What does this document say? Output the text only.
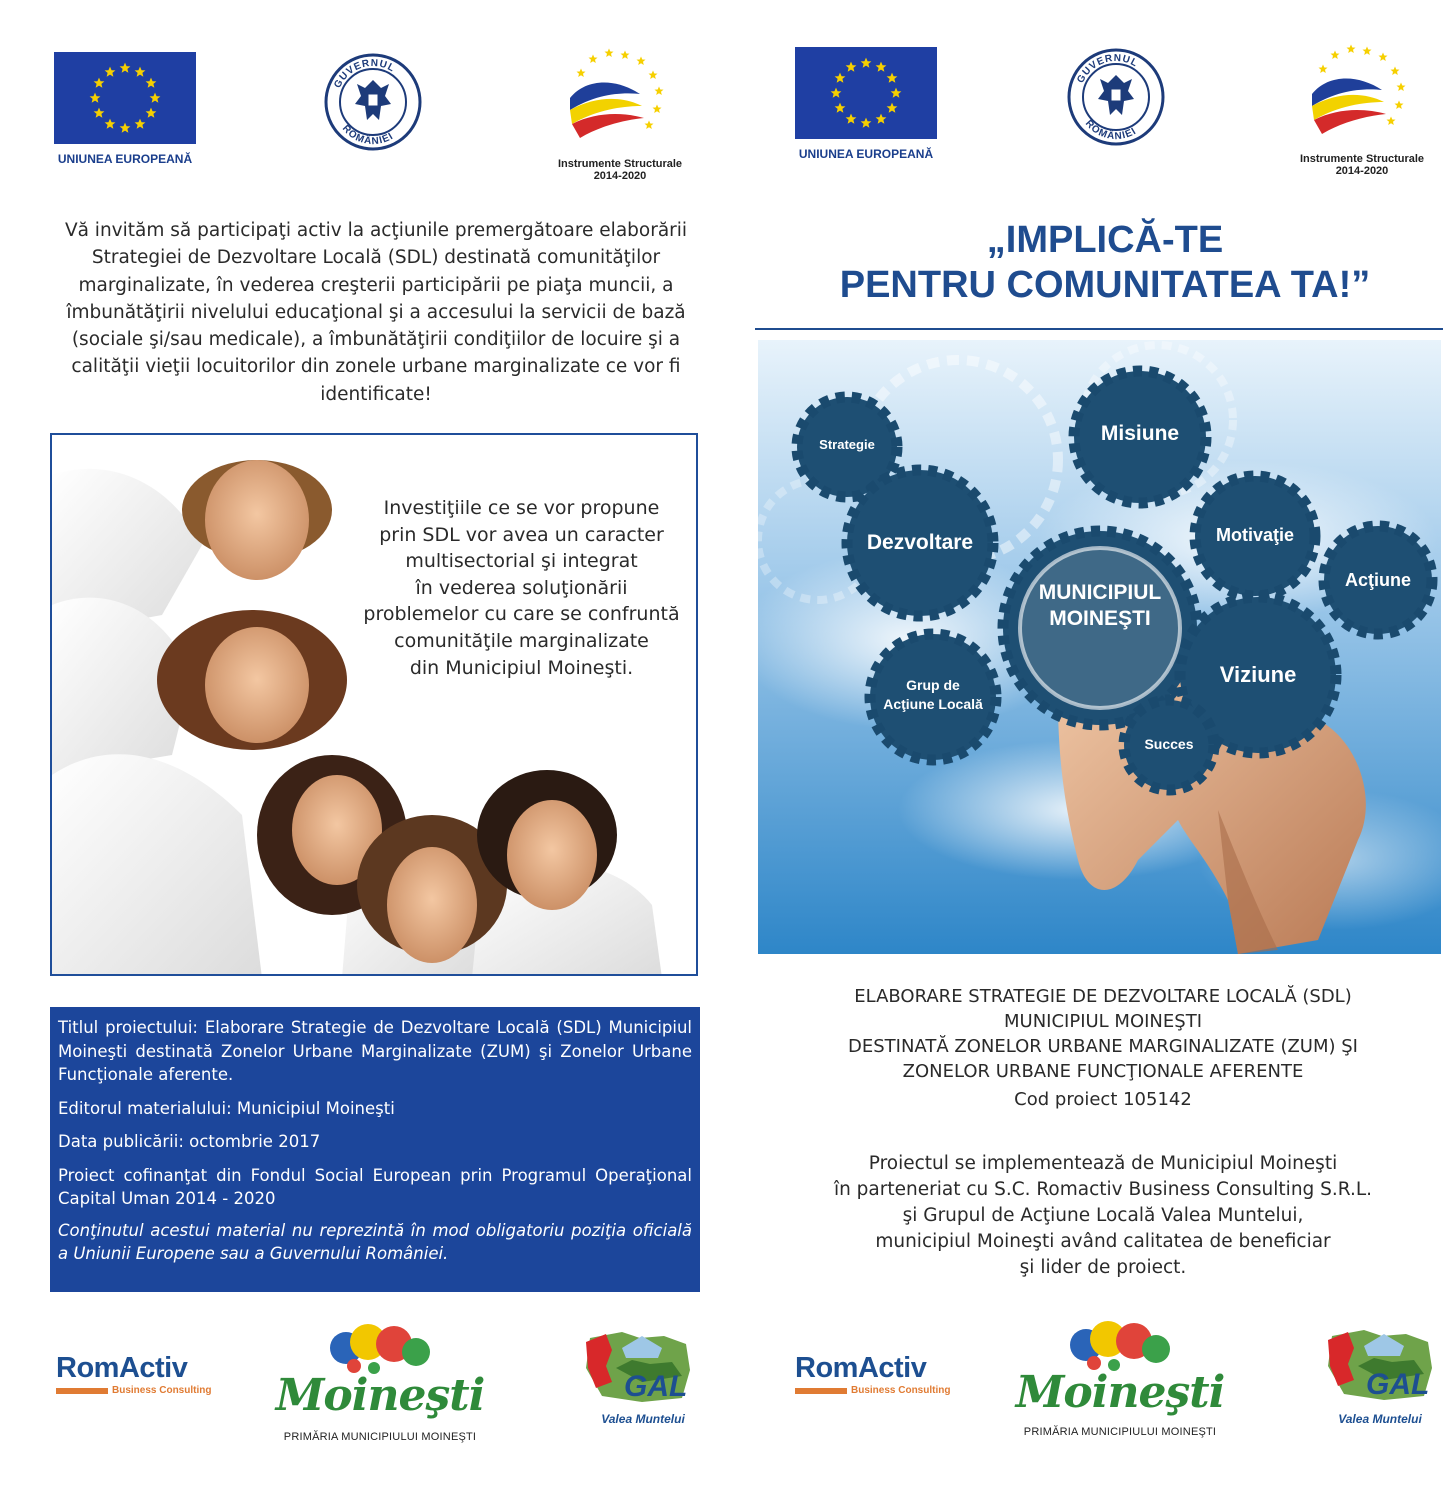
UNIUNEA EUROPEANĂ
GUVERNUL
ROMÂNIEI
Instrumente Structurale
2014-2020
Vă invităm să participaţi activ la acţiunile premergătoare elaborării Strategiei de Dezvoltare Locală (SDL) destinată comunităţilor marginalizate, în vederea creşterii participării pe piaţa muncii, a îmbunătăţirii nivelului educaţional şi a accesului la servicii de bază (sociale şi/sau medicale), a îmbunătăţirii condiţiilor de locuire şi a calităţii vieţii locuitorilor din zonele urbane marginalizate ce vor fi identificate!
Investiţiile ce se vor propune
prin SDL vor avea un caracter
multisectorial şi integrat
în vederea soluţionării
problemelor cu care se confruntă
comunităţile marginalizate
din Municipiul Moineşti.

Titlul proiectului: Elaborare Strategie de Dezvoltare Locală (SDL) Municipiul Moineşti destinată Zonelor Urbane Marginalizate (ZUM) şi Zonelor Urbane Funcţionale aferente.

Editorul materialului: Municipiul Moineşti

Data publicării: octombrie 2017

Proiect cofinanţat din Fondul Social European prin Programul Operaţional Capital Uman 2014 - 2020

Conţinutul acestui material nu reprezintă în mod obligatoriu poziţia oficială a Uniunii Europene sau a Guvernului României.

RomActiv
Business Consulting Moineşti
PRIMĂRIA MUNICIPIULUI MOINEŞTI
GAL
Valea Muntelui
UNIUNEA EUROPEANĂ
GUVERNUL
ROMÂNIEI
Instrumente Structurale
2014-2020
„IMPLICĂ-TE
PENTRU COMUNITATEA TA!”
MUNICIPIUL
MOINEŞTI
Strategie	Misiune
Dezvoltare	Motivaţie
Acţiune
Grup de
Acţiune Locală
Viziune
Succes
ELABORARE STRATEGIE DE DEZVOLTARE LOCALĂ (SDL)
MUNICIPIUL MOINEŞTI
DESTINATĂ ZONELOR URBANE MARGINALIZATE (ZUM) ŞI
ZONELOR URBANE FUNCŢIONALE AFERENTE
Cod proiect 105142
Proiectul se implementează de Municipiul Moineşti
în parteneriat cu S.C. Romactiv Business Consulting S.R.L.
şi Grupul de Acţiune Locală Valea Muntelui,
municipiul Moineşti având calitatea de beneficiar
şi lider de proiect.
RomActiv
Business Consulting Moineşti
PRIMĂRIA MUNICIPIULUI MOINEŞTI
GAL
Valea Muntelui
